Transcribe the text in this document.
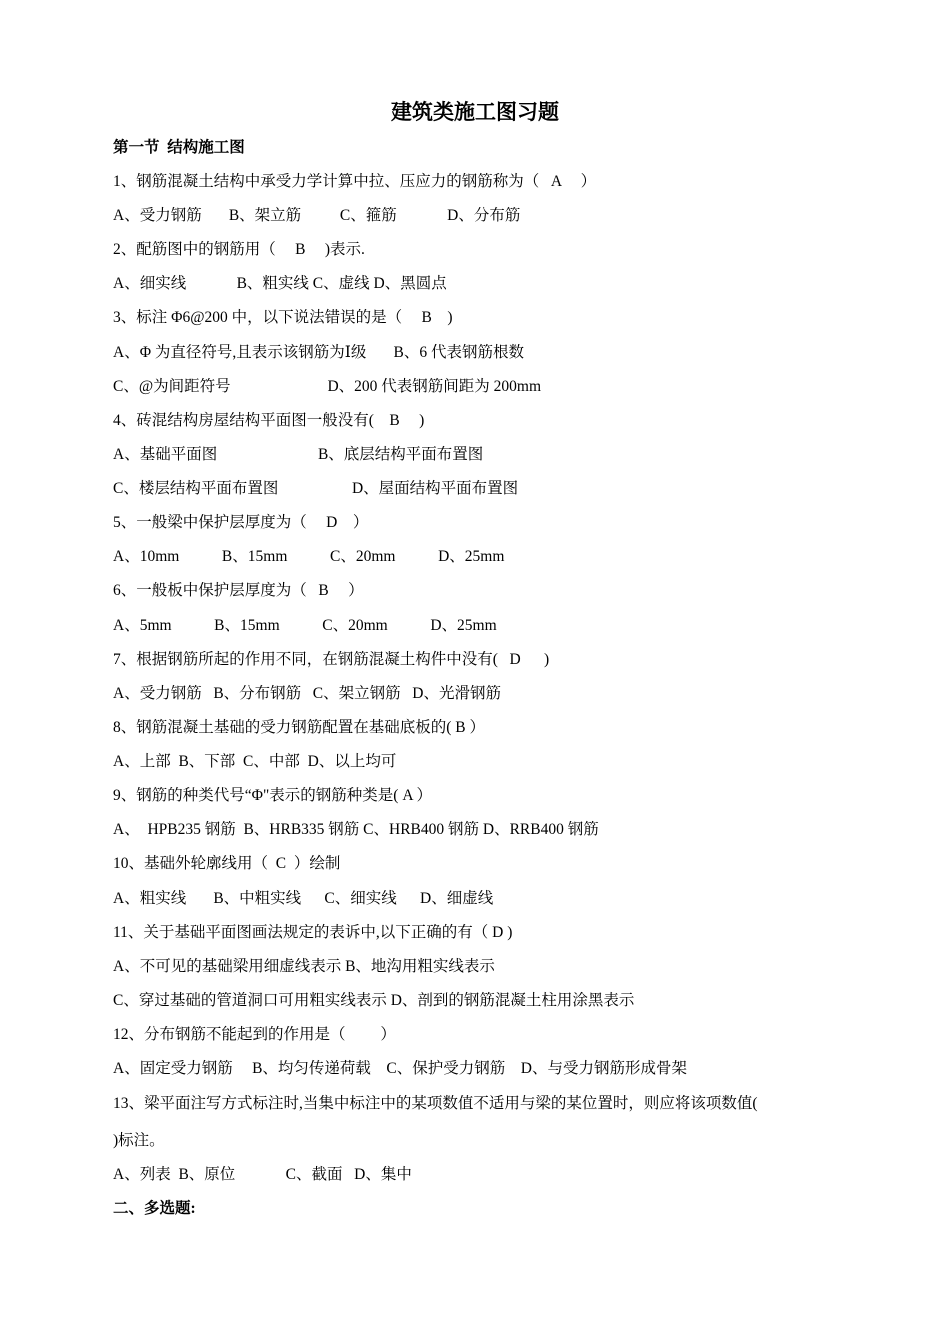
建筑类施工图习题
第一节  结构施工图
1、钢筋混凝土结构中承受力学计算中拉、压应力的钢筋称为（   A     ）
A、受力钢筋       B、架立筋          C、箍筋             D、分布筋
2、配筋图中的钢筋用（     B     )表示.
A、细实线             B、粗实线 C、虚线 D、黑圆点
3、标注 Φ6@200 中，以下说法错误的是（     B    )
A、Φ 为直径符号,且表示该钢筋为Ⅰ级       B、6 代表钢筋根数
C、@为间距符号                         D、200 代表钢筋间距为 200mm
4、砖混结构房屋结构平面图一般没有(    B     )
A、基础平面图                          B、底层结构平面布置图
C、楼层结构平面布置图                   D、屋面结构平面布置图
5、一般梁中保护层厚度为（     D    ）
A、10mm           B、15mm           C、20mm           D、25mm
6、一般板中保护层厚度为（   B     ）
A、5mm           B、15mm           C、20mm           D、25mm
7、根据钢筋所起的作用不同，在钢筋混凝土构件中没有(   D      )
A、受力钢筋   B、分布钢筋   C、架立钢筋   D、光滑钢筋
8、钢筋混凝土基础的受力钢筋配置在基础底板的( B ）
A、上部  B、下部  C、中部  D、以上均可
9、钢筋的种类代号“Φ"表示的钢筋种类是( A ）
A、  HPB235 钢筋  B、HRB335 钢筋 C、HRB400 钢筋 D、RRB400 钢筋
10、基础外轮廓线用（  C  ）绘制
A、粗实线       B、中粗实线      C、细实线      D、细虚线
11、关于基础平面图画法规定的表诉中,以下正确的有（ D )
A、不可见的基础梁用细虚线表示 B、地沟用粗实线表示
C、穿过基础的管道洞口可用粗实线表示 D、剖到的钢筋混凝土柱用涂黑表示
12、分布钢筋不能起到的作用是（         ）
A、固定受力钢筋     B、均匀传递荷载    C、保护受力钢筋    D、与受力钢筋形成骨架
13、梁平面注写方式标注时,当集中标注中的某项数值不适用与梁的某位置时，则应将该项数值(
)标注。
A、列表  B、原位             C、截面   D、集中
二、多选题:
